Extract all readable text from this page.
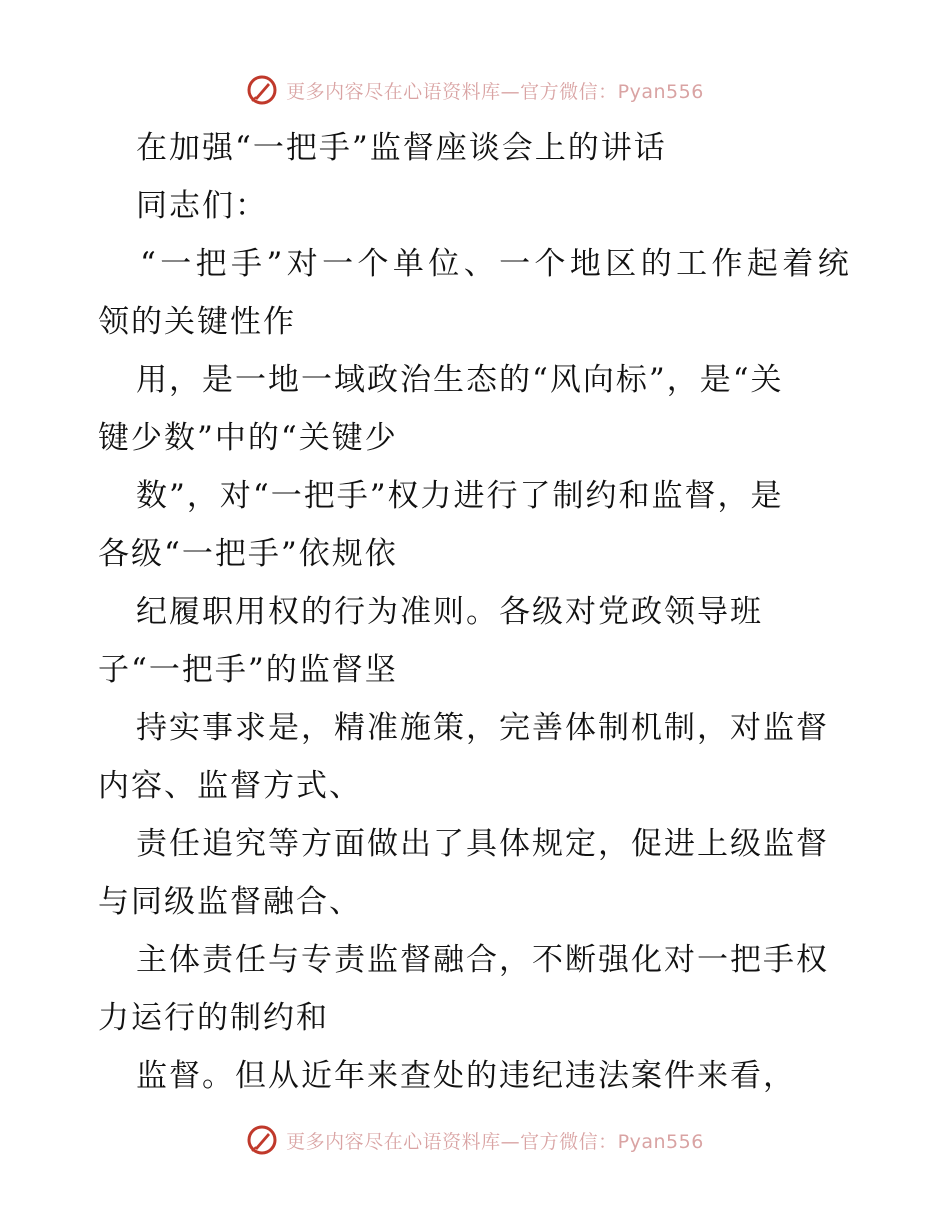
更多内容尽在心语资料库—官方微信：Pyan556
在加强“一把手”监督座谈会上的讲话
同志们：
“一把手”对一个单位、一个地区的工作起着统
领的关键性作
用，是一地一域政治生态的“风向标”，是“关
键少数”中的“关键少
数”，对“一把手”权力进行了制约和监督，是
各级“一把手”依规依
纪履职用权的行为准则。各级对党政领导班
子“一把手”的监督坚
持实事求是，精准施策，完善体制机制，对监督
内容、监督方式、
责任追究等方面做出了具体规定，促进上级监督
与同级监督融合、
主体责任与专责监督融合，不断强化对一把手权
力运行的制约和
监督。但从近年来查处的违纪违法案件来看，
更多内容尽在心语资料库—官方微信：Pyan556
